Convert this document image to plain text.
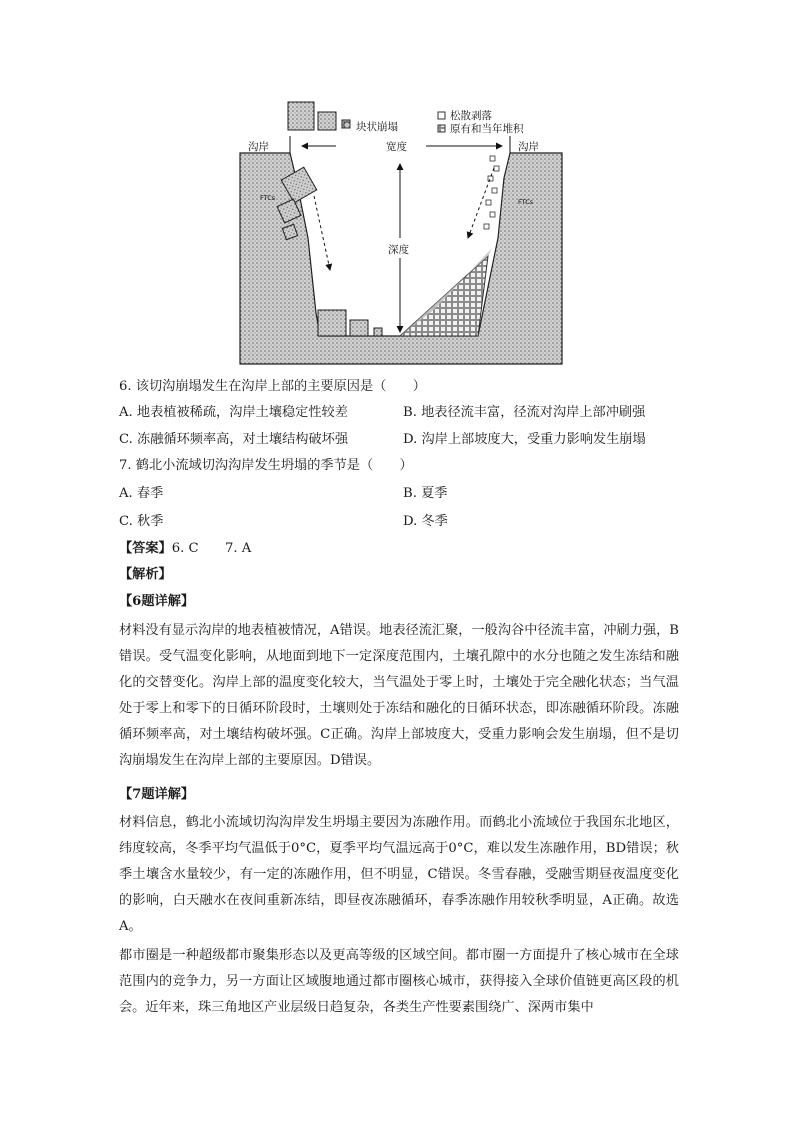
块状崩塌
松散剥落
原有和当年堆积
沟岸	沟岸
宽度
深度
FTCs	FTCs
6. 该切沟崩塌发生在沟岸上部的主要原因是（　　）
A. 地表植被稀疏，沟岸土壤稳定性较差	B. 地表径流丰富，径流对沟岸上部冲刷强
C. 冻融循环频率高，对土壤结构破坏强	D. 沟岸上部坡度大，受重力影响发生崩塌
7. 鹤北小流域切沟沟岸发生坍塌的季节是（　　）
A. 春季	B. 夏季
C. 秋季	D. 冬季
【答案】6. C　　7. A
【解析】
【6题详解】

材料没有显示沟岸的地表植被情况，A错误。地表径流汇聚，一般沟谷中径流丰富，冲刷力强，B错误。受气温变化影响，从地面到地下一定深度范围内，土壤孔隙中的水分也随之发生冻结和融化的交替变化。沟岸上部的温度变化较大，当气温处于零上时，土壤处于完全融化状态；当气温处于零上和零下的日循环阶段时，土壤则处于冻结和融化的日循环状态，即冻融循环阶段。冻融循环频率高，对土壤结构破坏强。C正确。沟岸上部坡度大，受重力影响会发生崩塌，但不是切沟崩塌发生在沟岸上部的主要原因。D错误。

【7题详解】

材料信息，鹤北小流域切沟沟岸发生坍塌主要因为冻融作用。而鹤北小流域位于我国东北地区，纬度较高，冬季平均气温低于0°C，夏季平均气温远高于0°C，难以发生冻融作用，BD错误；秋季土壤含水量较少，有一定的冻融作用，但不明显，C错误。冬雪春融，受融雪期昼夜温度变化的影响，白天融水在夜间重新冻结，即昼夜冻融循环，春季冻融作用较秋季明显，A正确。故选A。

都市圈是一种超级都市聚集形态以及更高等级的区域空间。都市圈一方面提升了核心城市在全球范围内的竞争力，另一方面让区域腹地通过都市圈核心城市，获得接入全球价值链更高区段的机会。近年来，珠三角地区产业层级日趋复杂，各类生产性要素围绕广、深两市集中
